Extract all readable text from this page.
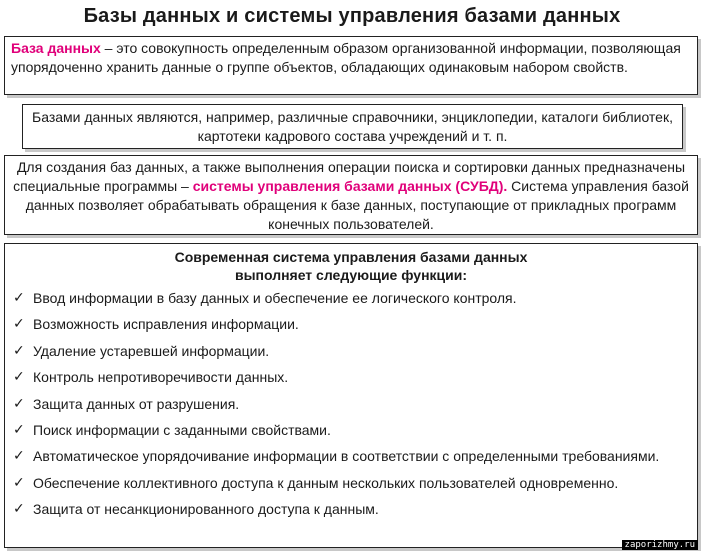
Базы данных и системы управления базами данных
База данных – это совокупность определенным образом организованной информации, позволяющая упорядоченно хранить данные о группе объектов, обладающих одинаковым набором свойств.
Базами данных являются, например, различные справочники, энциклопедии, каталоги библиотек, картотеки кадрового состава учреждений и т. п.
Для создания баз данных, а также выполнения операции поиска и сортировки данных предназначены специальные программы – системы управления базами данных (СУБД). Система управления базой данных позволяет обрабатывать обращения к базе данных, поступающие от прикладных программ конечных пользователей.
Современная система управления базами данных
выполняет следующие функции:
✓ Ввод информации в базу данных и обеспечение ее логического контроля.
✓ Возможность исправления информации.
✓ Удаление устаревшей информации.
✓ Контроль непротиворечивости данных.
✓ Защита данных от разрушения.
✓ Поиск информации с заданными свойствами.
✓ Автоматическое упорядочивание информации в соответствии с определенными требованиями.
✓ Обеспечение коллективного доступа к данным нескольких пользователей одновременно.
✓ Защита от несанкционированного доступа к данным.
zaporizhmy.ru
